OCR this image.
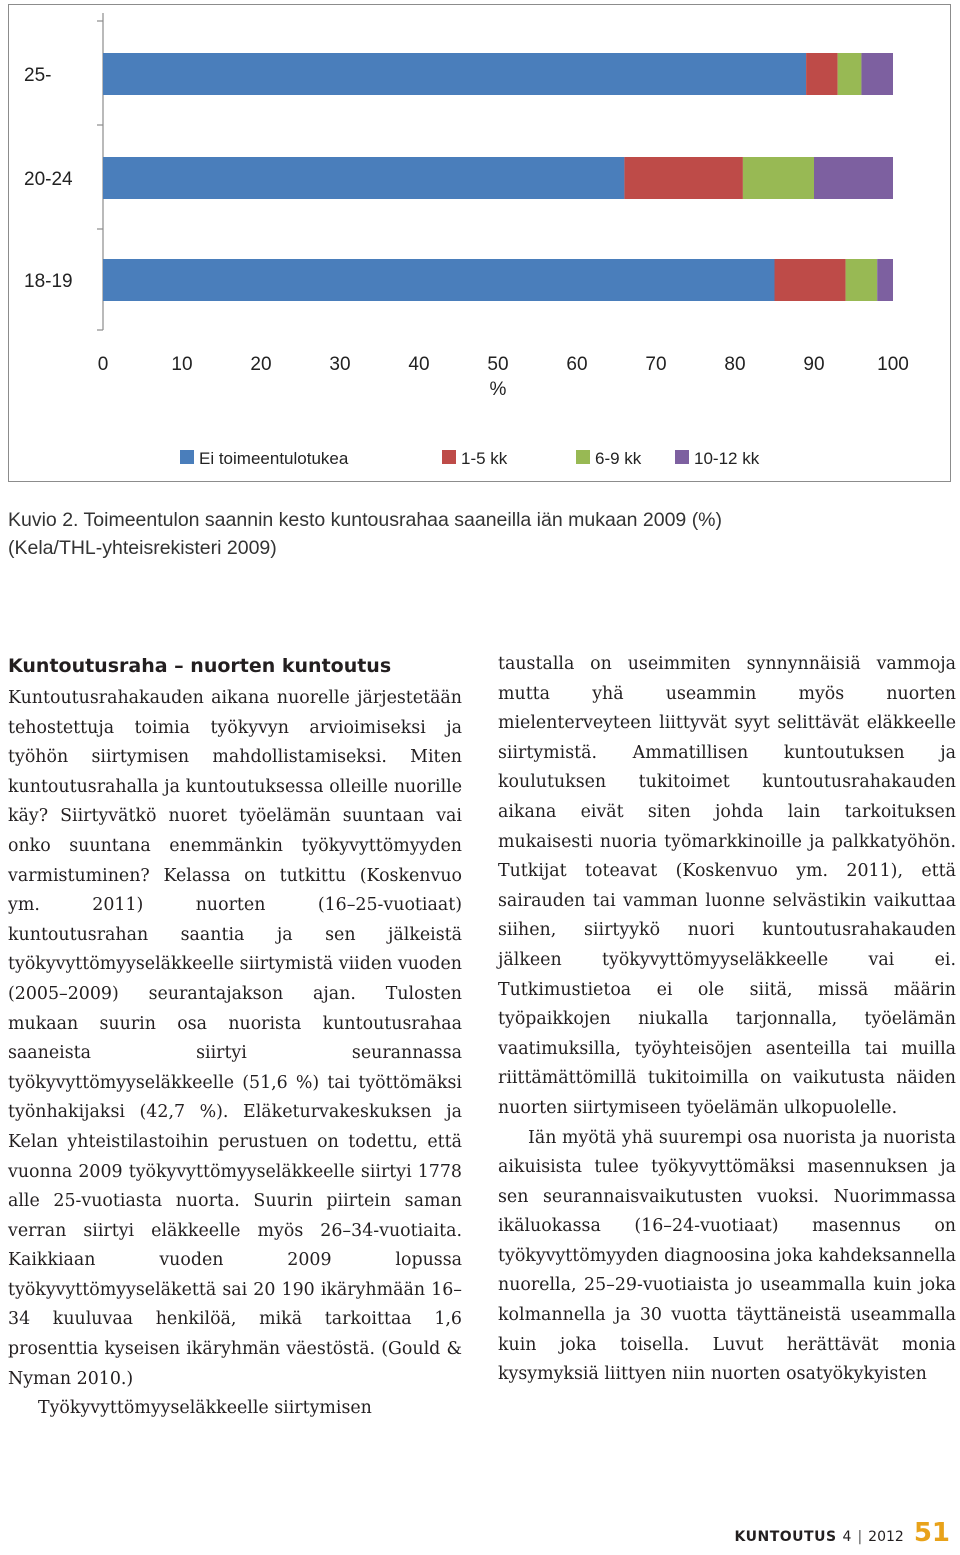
25-
20-24
18-19
0	10	20	30	40	50	60	70	80	90	100
%
Ei toimeentulotukea	1-5 kk	6-9 kk	10-12 kk
Kuvio 2. Toimeentulon saannin kesto kuntousrahaa saaneilla iän mukaan 2009 (%)
(Kela/THL-yhteisrekisteri 2009)
Kuntoutusraha – nuorten kuntoutus

Kuntoutusrahakauden aikana nuorelle järjestetään tehostettuja toimia työkyvyn arvioimiseksi ja työhön siirtymisen mahdollistamiseksi. Miten kuntoutusrahalla ja kuntoutuksessa olleille nuorille käy? Siirtyvätkö nuoret työelämän suuntaan vai onko suuntana enemmänkin työkyvyttömyyden varmistuminen? Kelassa on tutkittu (Koskenvuo ym. 2011) nuorten (16–25-vuotiaat) kuntoutusrahan saantia ja sen jälkeistä työkyvyttömyyseläkkeelle siirtymistä viiden vuoden (2005–2009) seurantajakson ajan. Tulosten mukaan suurin osa nuorista kuntoutusrahaa saaneista siirtyi seurannassa työkyvyttömyyseläkkeelle (51,6 %) tai työttömäksi työnhakijaksi (42,7 %). Eläketurvakeskuksen ja Kelan yhteistilastoihin perustuen on todettu, että vuonna 2009 työkyvyttömyyseläkkeelle siirtyi 1778 alle 25-vuotiasta nuorta. Suurin piirtein saman verran siirtyi eläkkeelle myös 26–34-vuotiaita. Kaikkiaan vuoden 2009 lopussa työkyvyttömyyseläkettä sai 20 190 ikäryhmään 16–34 kuuluvaa henkilöä, mikä tarkoittaa 1,6 prosenttia kyseisen ikäryhmän väestöstä. (Gould & Nyman 2010.)

Työkyvyttömyyseläkkeelle siirtymisen

taustalla on useimmiten synnynnäisiä vammoja mutta yhä useammin myös nuorten mielenterveyteen liittyvät syyt selittävät eläkkeelle siirtymistä. Ammatillisen kuntoutuksen ja koulutuksen tukitoimet kuntoutusrahakauden aikana eivät siten johda lain tarkoituksen mukaisesti nuoria työmarkkinoille ja palkkatyöhön. Tutkijat toteavat (Koskenvuo ym. 2011), että sairauden tai vamman luonne selvästikin vaikuttaa siihen, siirtyykö nuori kuntoutusrahakauden jälkeen työkyvyttömyyseläkkeelle vai ei. Tutkimustietoa ei ole siitä, missä määrin työpaikkojen niukalla tarjonnalla, työelämän vaatimuksilla, työyhteisöjen asenteilla tai muilla riittämättömillä tukitoimilla on vaikutusta näiden nuorten siirtymiseen työelämän ulkopuolelle.

Iän myötä yhä suurempi osa nuorista ja nuorista aikuisista tulee työkyvyttömäksi masennuksen ja sen seurannaisvaikutusten vuoksi. Nuorimmassa ikäluokassa (16–24-vuotiaat) masennus on työkyvyttömyyden diagnoosina joka kahdeksannella nuorella, 25–29-vuotiaista jo useammalla kuin joka kolmannella ja 30 vuotta täyttäneistä useammalla kuin joka toisella. Luvut herättävät monia kysymyksiä liittyen niin nuorten osatyökykyisten

KUNTOUTUS 4 | 2012 51
